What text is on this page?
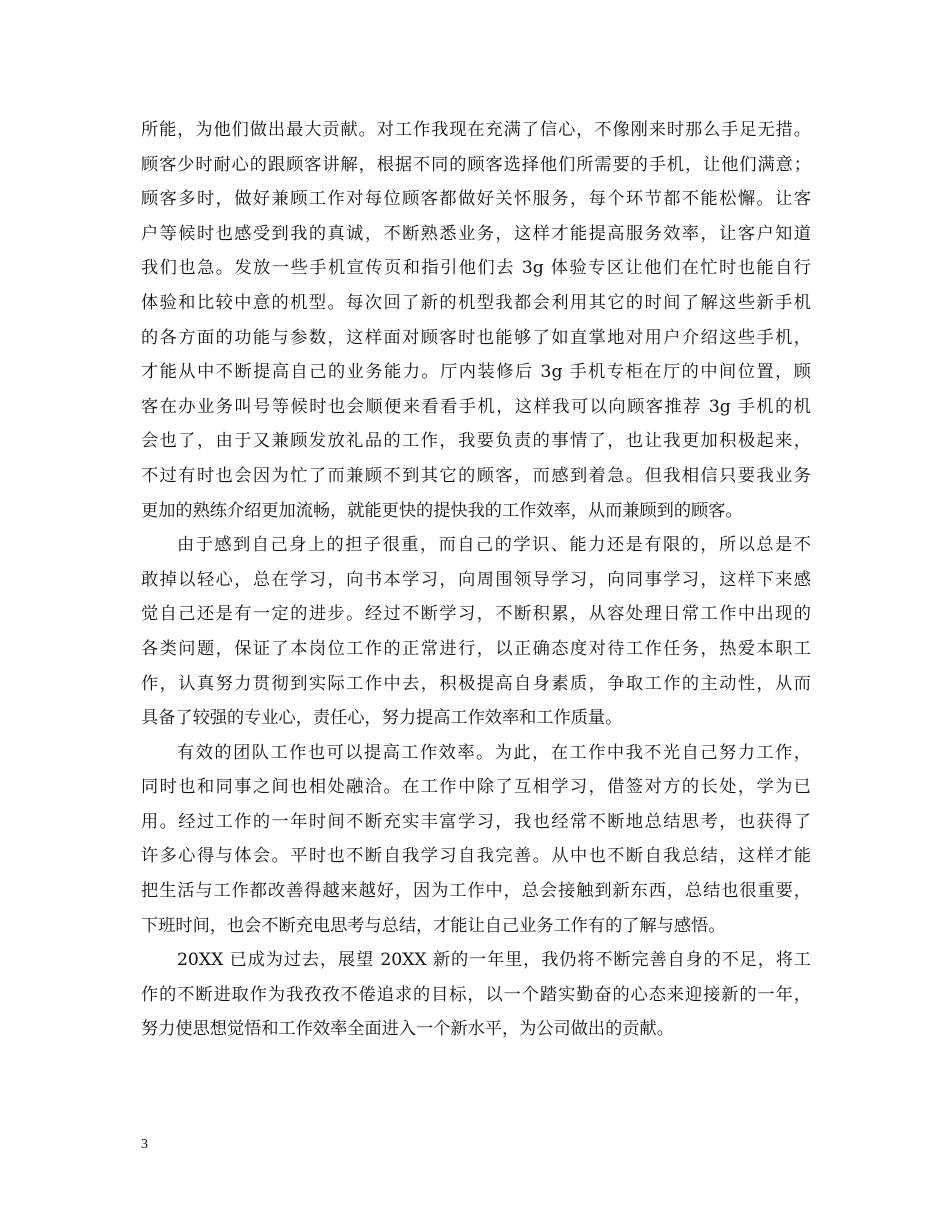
所能，为他们做出最大贡献。对工作我现在充满了信心，不像刚来时那么手足无措。
顾客少时耐心的跟顾客讲解，根据不同的顾客选择他们所需要的手机，让他们满意；
顾客多时，做好兼顾工作对每位顾客都做好关怀服务，每个环节都不能松懈。让客
户等候时也感受到我的真诚，不断熟悉业务，这样才能提高服务效率，让客户知道
我们也急。发放一些手机宣传页和指引他们去 3g 体验专区让他们在忙时也能自行
体验和比较中意的机型。每次回了新的机型我都会利用其它的时间了解这些新手机
的各方面的功能与参数，这样面对顾客时也能够了如直掌地对用户介绍这些手机，
才能从中不断提高自己的业务能力。厅内装修后 3g 手机专柜在厅的中间位置，顾
客在办业务叫号等候时也会顺便来看看手机，这样我可以向顾客推荐 3g 手机的机
会也了，由于又兼顾发放礼品的工作，我要负责的事情了，也让我更加积极起来，
不过有时也会因为忙了而兼顾不到其它的顾客，而感到着急。但我相信只要我业务
更加的熟练介绍更加流畅，就能更快的提快我的工作效率，从而兼顾到的顾客。
由于感到自己身上的担子很重，而自己的学识、能力还是有限的，所以总是不
敢掉以轻心，总在学习，向书本学习，向周围领导学习，向同事学习，这样下来感
觉自己还是有一定的进步。经过不断学习，不断积累，从容处理日常工作中出现的
各类问题，保证了本岗位工作的正常进行，以正确态度对待工作任务，热爱本职工
作，认真努力贯彻到实际工作中去，积极提高自身素质，争取工作的主动性，从而
具备了较强的专业心，责任心，努力提高工作效率和工作质量。
有效的团队工作也可以提高工作效率。为此，在工作中我不光自己努力工作，
同时也和同事之间也相处融洽。在工作中除了互相学习，借签对方的长处，学为已
用。经过工作的一年时间不断充实丰富学习，我也经常不断地总结思考，也获得了
许多心得与体会。平时也不断自我学习自我完善。从中也不断自我总结，这样才能
把生活与工作都改善得越来越好，因为工作中，总会接触到新东西，总结也很重要，
下班时间，也会不断充电思考与总结，才能让自己业务工作有的了解与感悟。
20XX 已成为过去，展望 20XX 新的一年里，我仍将不断完善自身的不足，将工
作的不断进取作为我孜孜不倦追求的目标，以一个踏实勤奋的心态来迎接新的一年，
努力使思想觉悟和工作效率全面进入一个新水平，为公司做出的贡献。
3
